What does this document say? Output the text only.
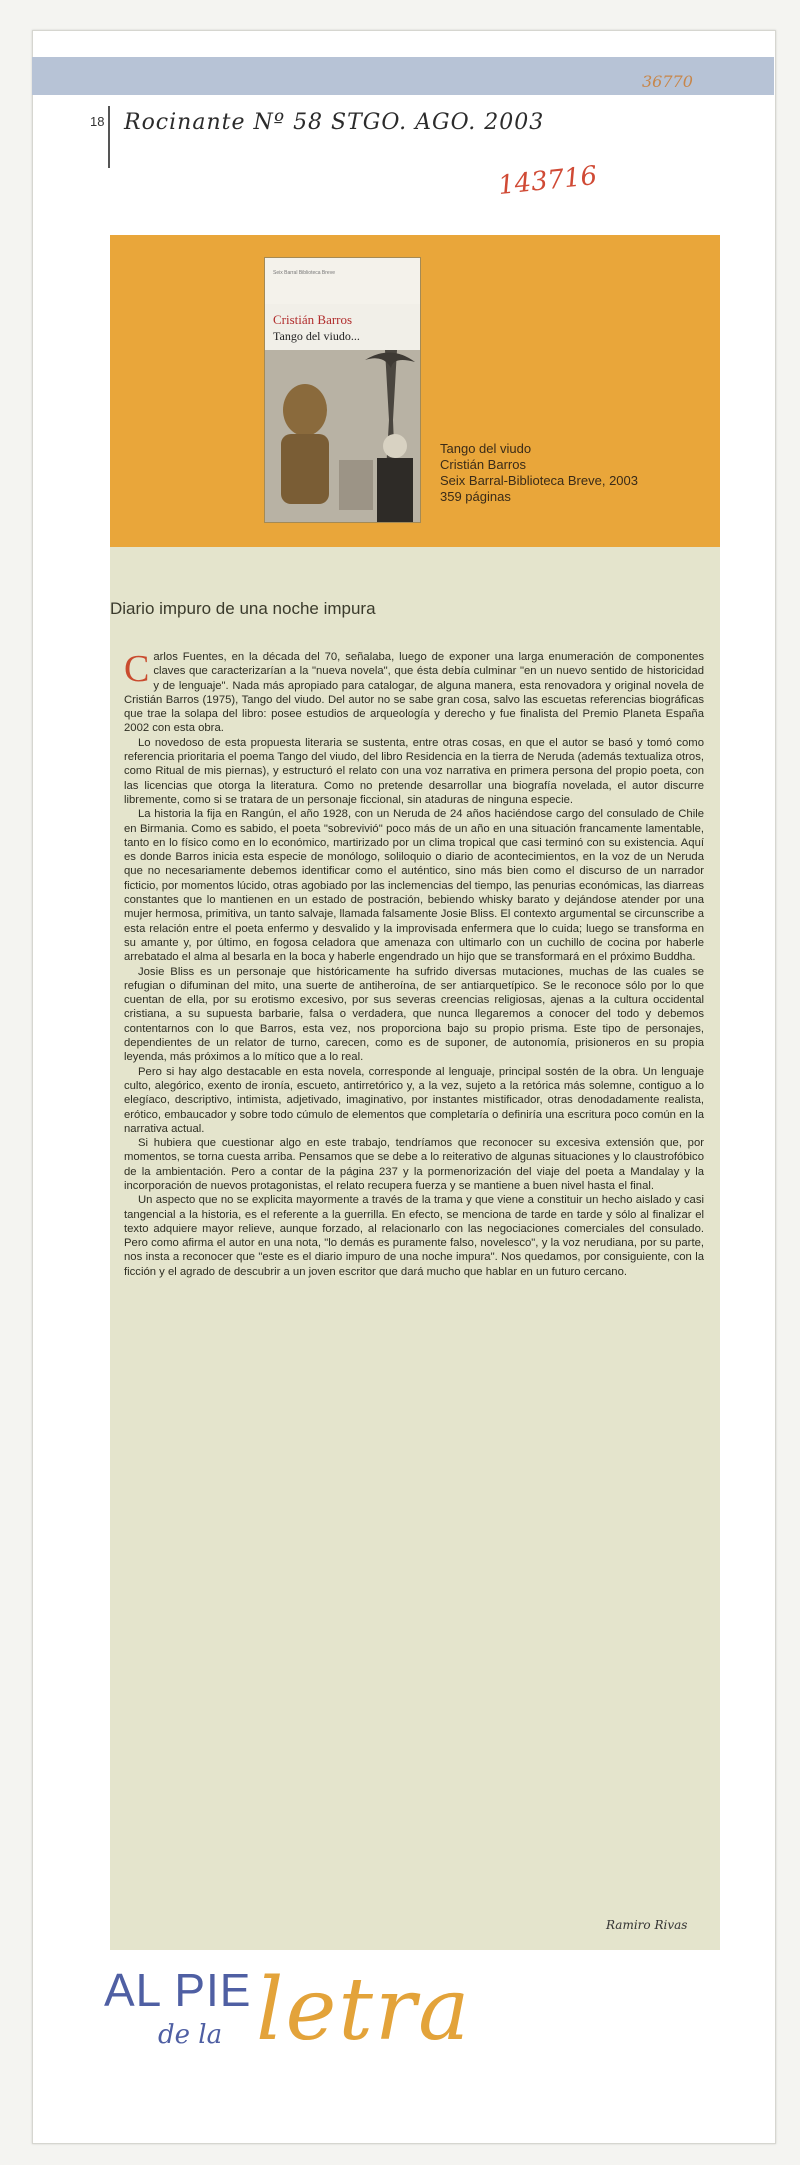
18 Rocinante Nº 58 STGO. AGO. 2003
36770
143716
Seix Barral Biblioteca Breve
Cristián Barros
Tango del viudo...
Tango del viudo
Cristián Barros
Seix Barral-Biblioteca Breve, 2003
359 páginas
Diario impuro de una noche impura

Carlos Fuentes, en la década del 70, señalaba, luego de exponer una larga enumeración de componentes claves que caracterizarían a la "nueva novela", que ésta debía culminar "en un nuevo sentido de historicidad y de lenguaje". Nada más apropiado para catalogar, de alguna manera, esta renovadora y original novela de Cristián Barros (1975), Tango del viudo. Del autor no se sabe gran cosa, salvo las escuetas referencias biográficas que trae la solapa del libro: posee estudios de arqueología y derecho y fue finalista del Premio Planeta España 2002 con esta obra.

Lo novedoso de esta propuesta literaria se sustenta, entre otras cosas, en que el autor se basó y tomó como referencia prioritaria el poema Tango del viudo, del libro Residencia en la tierra de Neruda (además textualiza otros, como Ritual de mis piernas), y estructuró el relato con una voz narrativa en primera persona del propio poeta, con las licencias que otorga la literatura. Como no pretende desarrollar una biografía novelada, el autor discurre libremente, como si se tratara de un personaje ficcional, sin ataduras de ninguna especie.

La historia la fija en Rangún, el año 1928, con un Neruda de 24 años haciéndose cargo del consulado de Chile en Birmania. Como es sabido, el poeta "sobrevivió" poco más de un año en una situación francamente lamentable, tanto en lo físico como en lo económico, martirizado por un clima tropical que casi terminó con su existencia. Aquí es donde Barros inicia esta especie de monólogo, soliloquio o diario de acontecimientos, en la voz de un Neruda que no necesariamente debemos identificar como el auténtico, sino más bien como el discurso de un narrador ficticio, por momentos lúcido, otras agobiado por las inclemencias del tiempo, las penurias económicas, las diarreas constantes que lo mantienen en un estado de postración, bebiendo whisky barato y dejándose atender por una mujer hermosa, primitiva, un tanto salvaje, llamada falsamente Josie Bliss. El contexto argumental se circunscribe a esta relación entre el poeta enfermo y desvalido y la improvisada enfermera que lo cuida; luego se transforma en su amante y, por último, en fogosa celadora que amenaza con ultimarlo con un cuchillo de cocina por haberle arrebatado el alma al besarla en la boca y haberle engendrado un hijo que se transformará en el próximo Buddha.

Josie Bliss es un personaje que históricamente ha sufrido diversas mutaciones, muchas de las cuales se refugian o difuminan del mito, una suerte de antiheroína, de ser antiarquetípico. Se le reconoce sólo por lo que cuentan de ella, por su erotismo excesivo, por sus severas creencias religiosas, ajenas a la cultura occidental cristiana, a su supuesta barbarie, falsa o verdadera, que nunca llegaremos a conocer del todo y debemos contentarnos con lo que Barros, esta vez, nos proporciona bajo su propio prisma. Este tipo de personajes, dependientes de un relator de turno, carecen, como es de suponer, de autonomía, prisioneros en su propia leyenda, más próximos a lo mítico que a lo real.

Pero si hay algo destacable en esta novela, corresponde al lenguaje, principal sostén de la obra. Un lenguaje culto, alegórico, exento de ironía, escueto, antirretórico y, a la vez, sujeto a la retórica más solemne, contiguo a lo elegíaco, descriptivo, intimista, adjetivado, imaginativo, por instantes mistificador, otras denodadamente realista, erótico, embaucador y sobre todo cúmulo de elementos que completaría o definiría una escritura poco común en la narrativa actual.

Si hubiera que cuestionar algo en este trabajo, tendríamos que reconocer su excesiva extensión que, por momentos, se torna cuesta arriba. Pensamos que se debe a lo reiterativo de algunas situaciones y lo claustrofóbico de la ambientación. Pero a contar de la página 237 y la pormenorización del viaje del poeta a Mandalay y la incorporación de nuevos protagonistas, el relato recupera fuerza y se mantiene a buen nivel hasta el final.

Un aspecto que no se explicita mayormente a través de la trama y que viene a constituir un hecho aislado y casi tangencial a la historia, es el referente a la guerrilla. En efecto, se menciona de tarde en tarde y sólo al finalizar el texto adquiere mayor relieve, aunque forzado, al relacionarlo con las negociaciones comerciales del consulado. Pero como afirma el autor en una nota, "lo demás es puramente falso, novelesco", y la voz nerudiana, por su parte, nos insta a reconocer que "este es el diario impuro de una noche impura". Nos quedamos, por consiguiente, con la ficción y el agrado de descubrir a un joven escritor que dará mucho que hablar en un futuro cercano.

Ramiro Rivas
AL PIE letra
de la
